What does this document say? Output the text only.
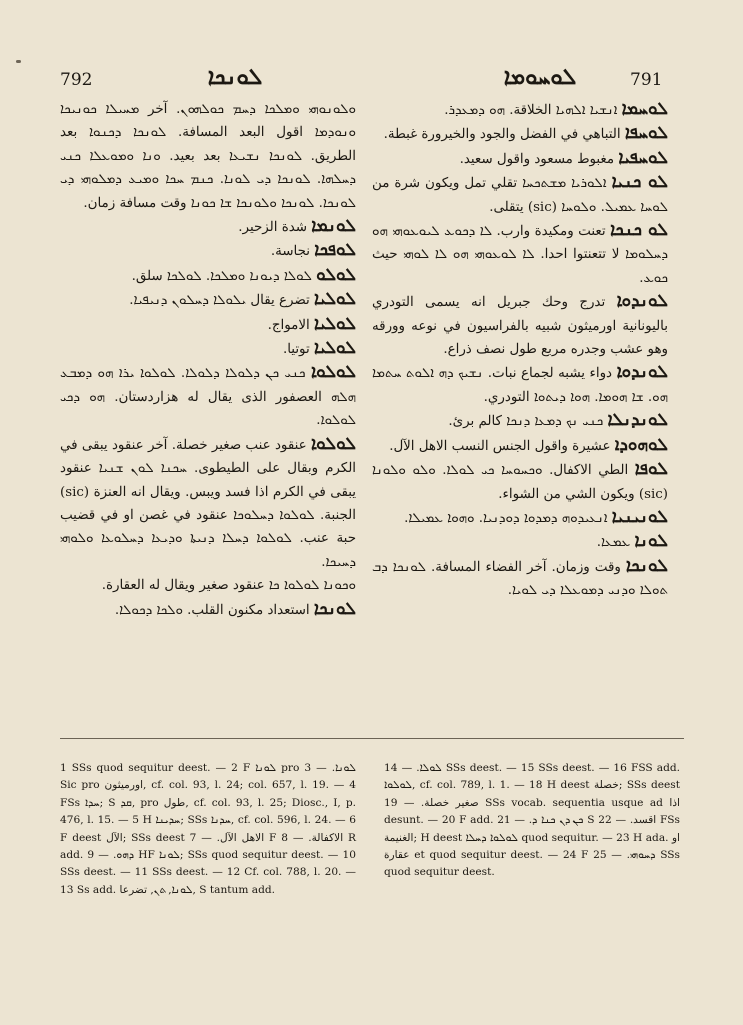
792	ܠܘܢܟܐ	ܠܘܚܘܡܐ	791

ܘܠܘܢܘܗܝ ܘܡܠܟܐ ܕܚܡ ܟܘܠܗܘܢ. آخر ܡܚܝܠܐ ܟܘܢܝܟܐ ܘܢܘܕܡܐ اقول البعد المسافة. ܠܘܢܟܐ ܕܟܢܘܐ بعد الطريق. ܠܘܢܟܐ ܢܫܝܥܐ بعد بعيد. ܘܢܐ ܘܡܘܥܠܐ ܟܢܝ ܕܚܠܗܐ. ܠܘܢܟܐ ܕܝ ܠܘܢܐ. ܟܢܡ ܚܟܐ ܘܡܝܥ ܕܡܠܘܗܝ ܕܝ ܠܘܢܟܐ. ܠܘܢܟܐ ܘܠܘܢܟܐ ܫܐ ܟܘܢܐ وقت مسافة زمان.

ܠܘܢܡܐ شدة الزحير.

ܠܘܦܟܐ نجاسة.

ܠܘܠܘ ܠܘܠܐ ܕܝܘܢܐ ܘܡܠܟܐ. ܠܘܠܟܐ سلق.

ܠܘܠܝܐ تضرع يقال ܝܠܘܠܐ ܕܚܠܘܢ ܕܢܝܦܝܐ.

ܠܘܠܝܐ الامواج.

ܠܘܠܝܐ توتيا.

ܠܘܠܘܐ ܟܢܝ ܟܢ ܕܠܘܠܐ ܕܠܘܠܐ. ܠܘܠܘܐ ܝܪܐ ܗܘ ܕܡܒܥ ܗܠܗ العصفور الذى يقال له هزاردستان. ܗܘ ܕܟܝ ܠܘܠܘܐ.

ܠܘܠܘܐ عنقود عنب صغير خصلة. آخر عنقود يبقى في الكرم وبقال على الطيطوى. ܚܟܢܐ ܠܘܢ ܫܢܝܐ عنقود يبقى في الكرم اذا فسد ويبس. ويقال انه العنزة (sic) الجنبة. ܠܘܠܘܐ ܕܚܠܘܟܐ عنقود في غصن او في قضيب حبة عنب. ܠܘܠܘܐ ܕܚܠܐ ܕܢܝܬܐ ܘܕܝܥܐ ܕܚܠܘܥܐ ܘܠܘܗܝ ܕܚܝܟܐ.

ܘܟܘܢܐ ܠܘܠܘܐ ܟܐ عنقود صغير ويقال له العقارة.

ܠܘܢܟܐ استعداد مكنون القلب. ܘܠܟܐ ܕܟܘܠܐ.

ܠܘܚܡܐ ܐܢܫܝܐ ܐܠܗܝܐ الخلاقة. ܗܘ ܕܡܥܕܪ.

ܠܘܚܦܐ التباهي في الفضل والجود والخيرورة غبطة.

ܠܘܚܦܝܐ مغبوط مسعود واقول سعيد.

ܠܘ ܟܢܝܐ ܐܠܘܪܝܐ ܡܫܬܟܚܐ تقلي تمل ويكون شرة من ܠܘܚܐ ܥܡܝܠ. ܘܠܘܚܐ (sic) يتقلى.

ܠܘ ܟܢܟܐ تعنت ومكيدة وارب. ܠܐ ܕܟܘܥ ܠܝܘܥܘܗܝ ܗܘ ܕܚܠܘܡܐ لا تتعنتوا احدا. ܠܐ ܠܘܥܘܗܝ ܗܘ ܠܐ ܠܘܗܝ حيث ܟܘܥ.

ܠܘܢܕܘܐ تدرج وحك جبريل انه يسمى التودري باليونانية اورميثون شبيه بالفراسيون في نوعه وورقه وهو عشب وجدره مربع طول نصف ذراع.

ܠܘܢܕܘܐ دواء يشبه لجماع نبات. ܢܫܝܟ ܕܗ ܐܠܘܬ ܚܬܡܐ ܗܘ. ܫܐ ܗܘܡܐ. ܗܘܐ ܕܝܬܘܐ التودري.

ܠܘܢܕܢܠܐ ܟܢܝ ܢܟ ܕܡܥܐ ܕܢܟܐ كالم برئ.

ܠܘܗܘܕܐ عشيرة واقول الجنس النسب الاهل الآل.

ܠܘܦܐ الطي الاكفال. ܘܟܚܘܚܐ ܟܝ ܠܘܠܐ. ܘܠܘ ܘܠܘܢܐ (sic) ويكون الشي من الشواء.

ܠܘܢܝܢܝܐ ܐܢܥܝܕܘܗ ܕܡܕܘܐ ܕܘܕܢܝܐ. ܘܗܘܐ ܥܡܝܠܐ.

ܠܘܢܐ ܥܡܥܐ.

ܠܘܢܟܐ وقت وزمان. آخر الفضاء المسافة. ܠܘܢܟܐ ܕܒ ܬܘܠܐ ܘܕܢܝ ܕܡܘܥܠܐ ܕܝ ܠܘܝܐ.

1 SSs quod sequitur deest. — 2 F ܠܘܢܐ pro ܠܘܢܐ. — 3 Sic pro اورميثون, cf. col. 93, l. 24; col. 657, l. 19. — 4 FSs ܚܕܐ; S ܩܕ, pro طول, cf. col. 93, l. 25; Diosc., I, p. 476, l. 15. — 5 H ܚܕܝܢܐ; SSs ܚܕܢܐ, cf. col. 596, l. 24. — 6 F deest الآل; SSs deest الاهل الآل. — 7 F الاكفالة. — 8 R add. ܕܗܘ. — 9 HF ܠܘܢܐ; SSs quod sequitur deest. — 10 SSs deest. — 11 SSs deest. — 12 Cf. col. 788, l. 20. — 13 Ss add. ܠܘܢܐ, ܬܢ, تضرعا, S tantum add.

ܠܘܠܐ. — 14 SSs deest. — 15 SSs deest. — 16 FSS add. ܠܘܠܘܐ, cf. col. 789, l. 1. — 18 H deest خصلة; SSs deest صغير خصلة. — 19 SSs vocab. sequentia usque ad اذا desunt. — 20 F add. ܟܢ ܕܢ ܟܢܐ ܕ. — 21 S اقسد. — 22 FSs الغنيمة; H deest ܠܘܠܘܐ ܕܚܠܐ quod sequitur. — 23 H ada. او عقارة et quod sequitur deest. — 24 F ܕܚܘܗܝ. — 25 SSs quod sequitur deest.
